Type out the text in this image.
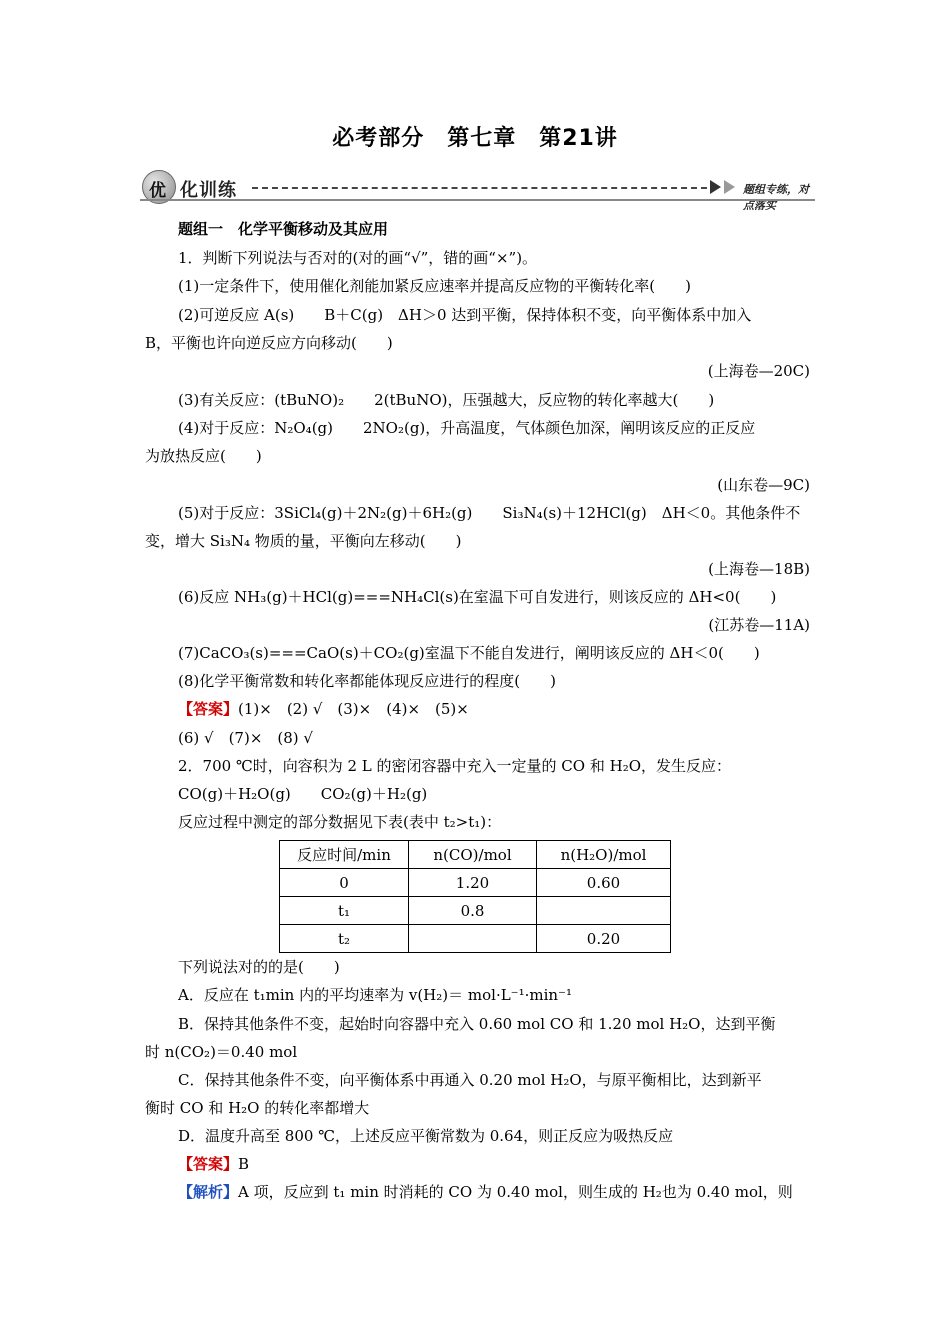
必考部分　第七章　第21讲
优 化训练	题组专练，对点落实
题组一　化学平衡移动及其应用
1．判断下列说法与否对的(对的画“√”，错的画“×”)。
(1)一定条件下，使用催化剂能加紧反应速率并提高反应物的平衡转化率(　　)
(2)可逆反应 A(s)　　B＋C(g)　ΔH＞0 达到平衡，保持体积不变，向平衡体系中加入
B，平衡也许向逆反应方向移动(　　)
(上海卷—20C)
(3)有关反应：(tBuNO)₂　　2(tBuNO)，压强越大，反应物的转化率越大(　　)
(4)对于反应：N₂O₄(g)　　2NO₂(g)，升高温度，气体颜色加深，阐明该反应的正反应
为放热反应(　　)
(山东卷—9C)
(5)对于反应：3SiCl₄(g)＋2N₂(g)＋6H₂(g)　　Si₃N₄(s)＋12HCl(g)　ΔH＜0。其他条件不
变，增大 Si₃N₄ 物质的量，平衡向左移动(　　)
(上海卷—18B)
(6)反应 NH₃(g)＋HCl(g)===NH₄Cl(s)在室温下可自发进行，则该反应的 ΔH<0(　　)
(江苏卷—11A)
(7)CaCO₃(s)===CaO(s)＋CO₂(g)室温下不能自发进行，阐明该反应的 ΔH＜0(　　)
(8)化学平衡常数和转化率都能体现反应进行的程度(　　)
【答案】(1)×　(2) √　(3)×　(4)×　(5)×
(6) √　(7)×　(8) √
2．700 ℃时，向容积为 2 L 的密闭容器中充入一定量的 CO 和 H₂O，发生反应：
CO(g)＋H₂O(g)　　CO₂(g)＋H₂(g)
反应过程中测定的部分数据见下表(表中 t₂>t₁)：
反应时间/min	n(CO)/mol	n(H₂O)/mol
0	1.20	0.60
t₁	0.8	
t₂		0.20
下列说法对的的是(　　)
A．反应在 t₁min 内的平均速率为 v(H₂)＝ mol·L⁻¹·min⁻¹
B．保持其他条件不变，起始时向容器中充入 0.60 mol CO 和 1.20 mol H₂O，达到平衡
时 n(CO₂)＝0.40 mol
C．保持其他条件不变，向平衡体系中再通入 0.20 mol H₂O，与原平衡相比，达到新平
衡时 CO 和 H₂O 的转化率都增大
D．温度升高至 800 ℃，上述反应平衡常数为 0.64，则正反应为吸热反应
【答案】B
【解析】A 项，反应到 t₁ min 时消耗的 CO 为 0.40 mol，则生成的 H₂也为 0.40 mol，则
